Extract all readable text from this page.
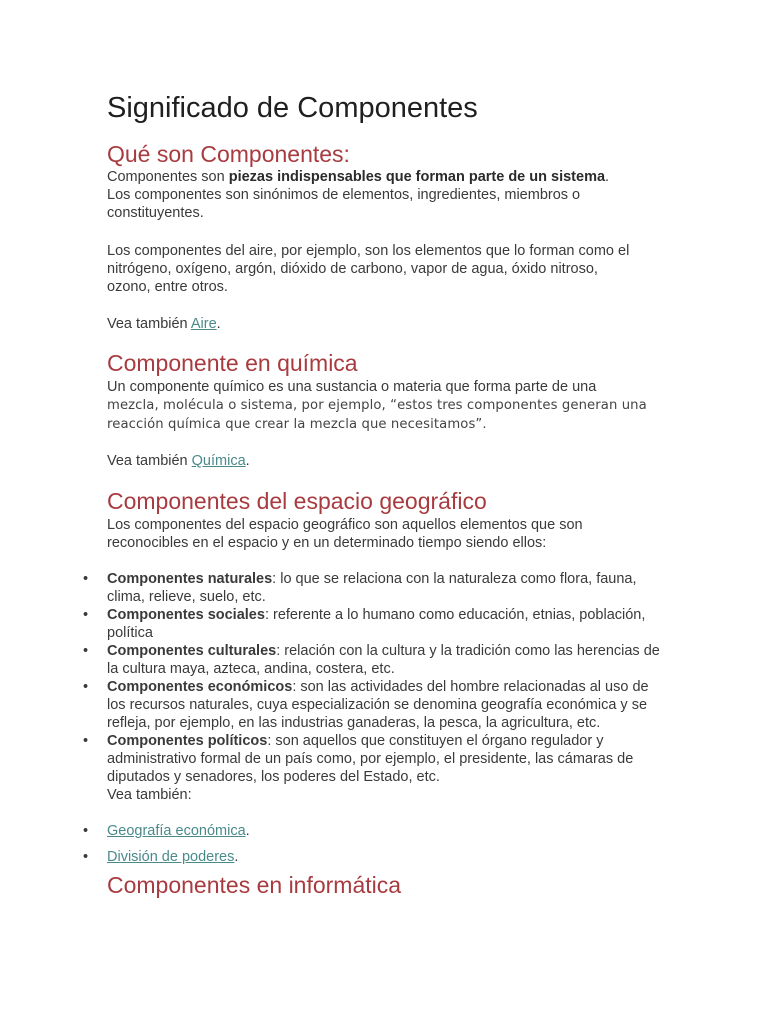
Significado de Componentes
Qué son Componentes:
Componentes son piezas indispensables que forman parte de un sistema.
Los componentes son sinónimos de elementos, ingredientes, miembros o
constituyentes.
Los componentes del aire, por ejemplo, son los elementos que lo forman como el
nitrógeno, oxígeno, argón, dióxido de carbono, vapor de agua, óxido nitroso,
ozono, entre otros.
Vea también Aire.
Componente en química
Un componente químico es una sustancia o materia que forma parte de una
mezcla, molécula o sistema, por ejemplo, “estos tres componentes generan una
reacción química que crear la mezcla que necesitamos”.
Vea también Química.
Componentes del espacio geográfico
Los componentes del espacio geográfico son aquellos elementos que son
reconocibles en el espacio y en un determinado tiempo siendo ellos:
• Componentes naturales: lo que se relaciona con la naturaleza como flora, fauna, clima, relieve, suelo, etc.
• Componentes sociales: referente a lo humano como educación, etnias, población, política
• Componentes culturales: relación con la cultura y la tradición como las herencias de la cultura maya, azteca, andina, costera, etc.
• Componentes económicos: son las actividades del hombre relacionadas al uso de los recursos naturales, cuya especialización se denomina geografía económica y se refleja, por ejemplo, en las industrias ganaderas, la pesca, la agricultura, etc.
• Componentes políticos: son aquellos que constituyen el órgano regulador y administrativo formal de un país como, por ejemplo, el presidente, las cámaras de diputados y senadores, los poderes del Estado, etc.
Vea también:
• Geografía económica.
• División de poderes.
Componentes en informática
